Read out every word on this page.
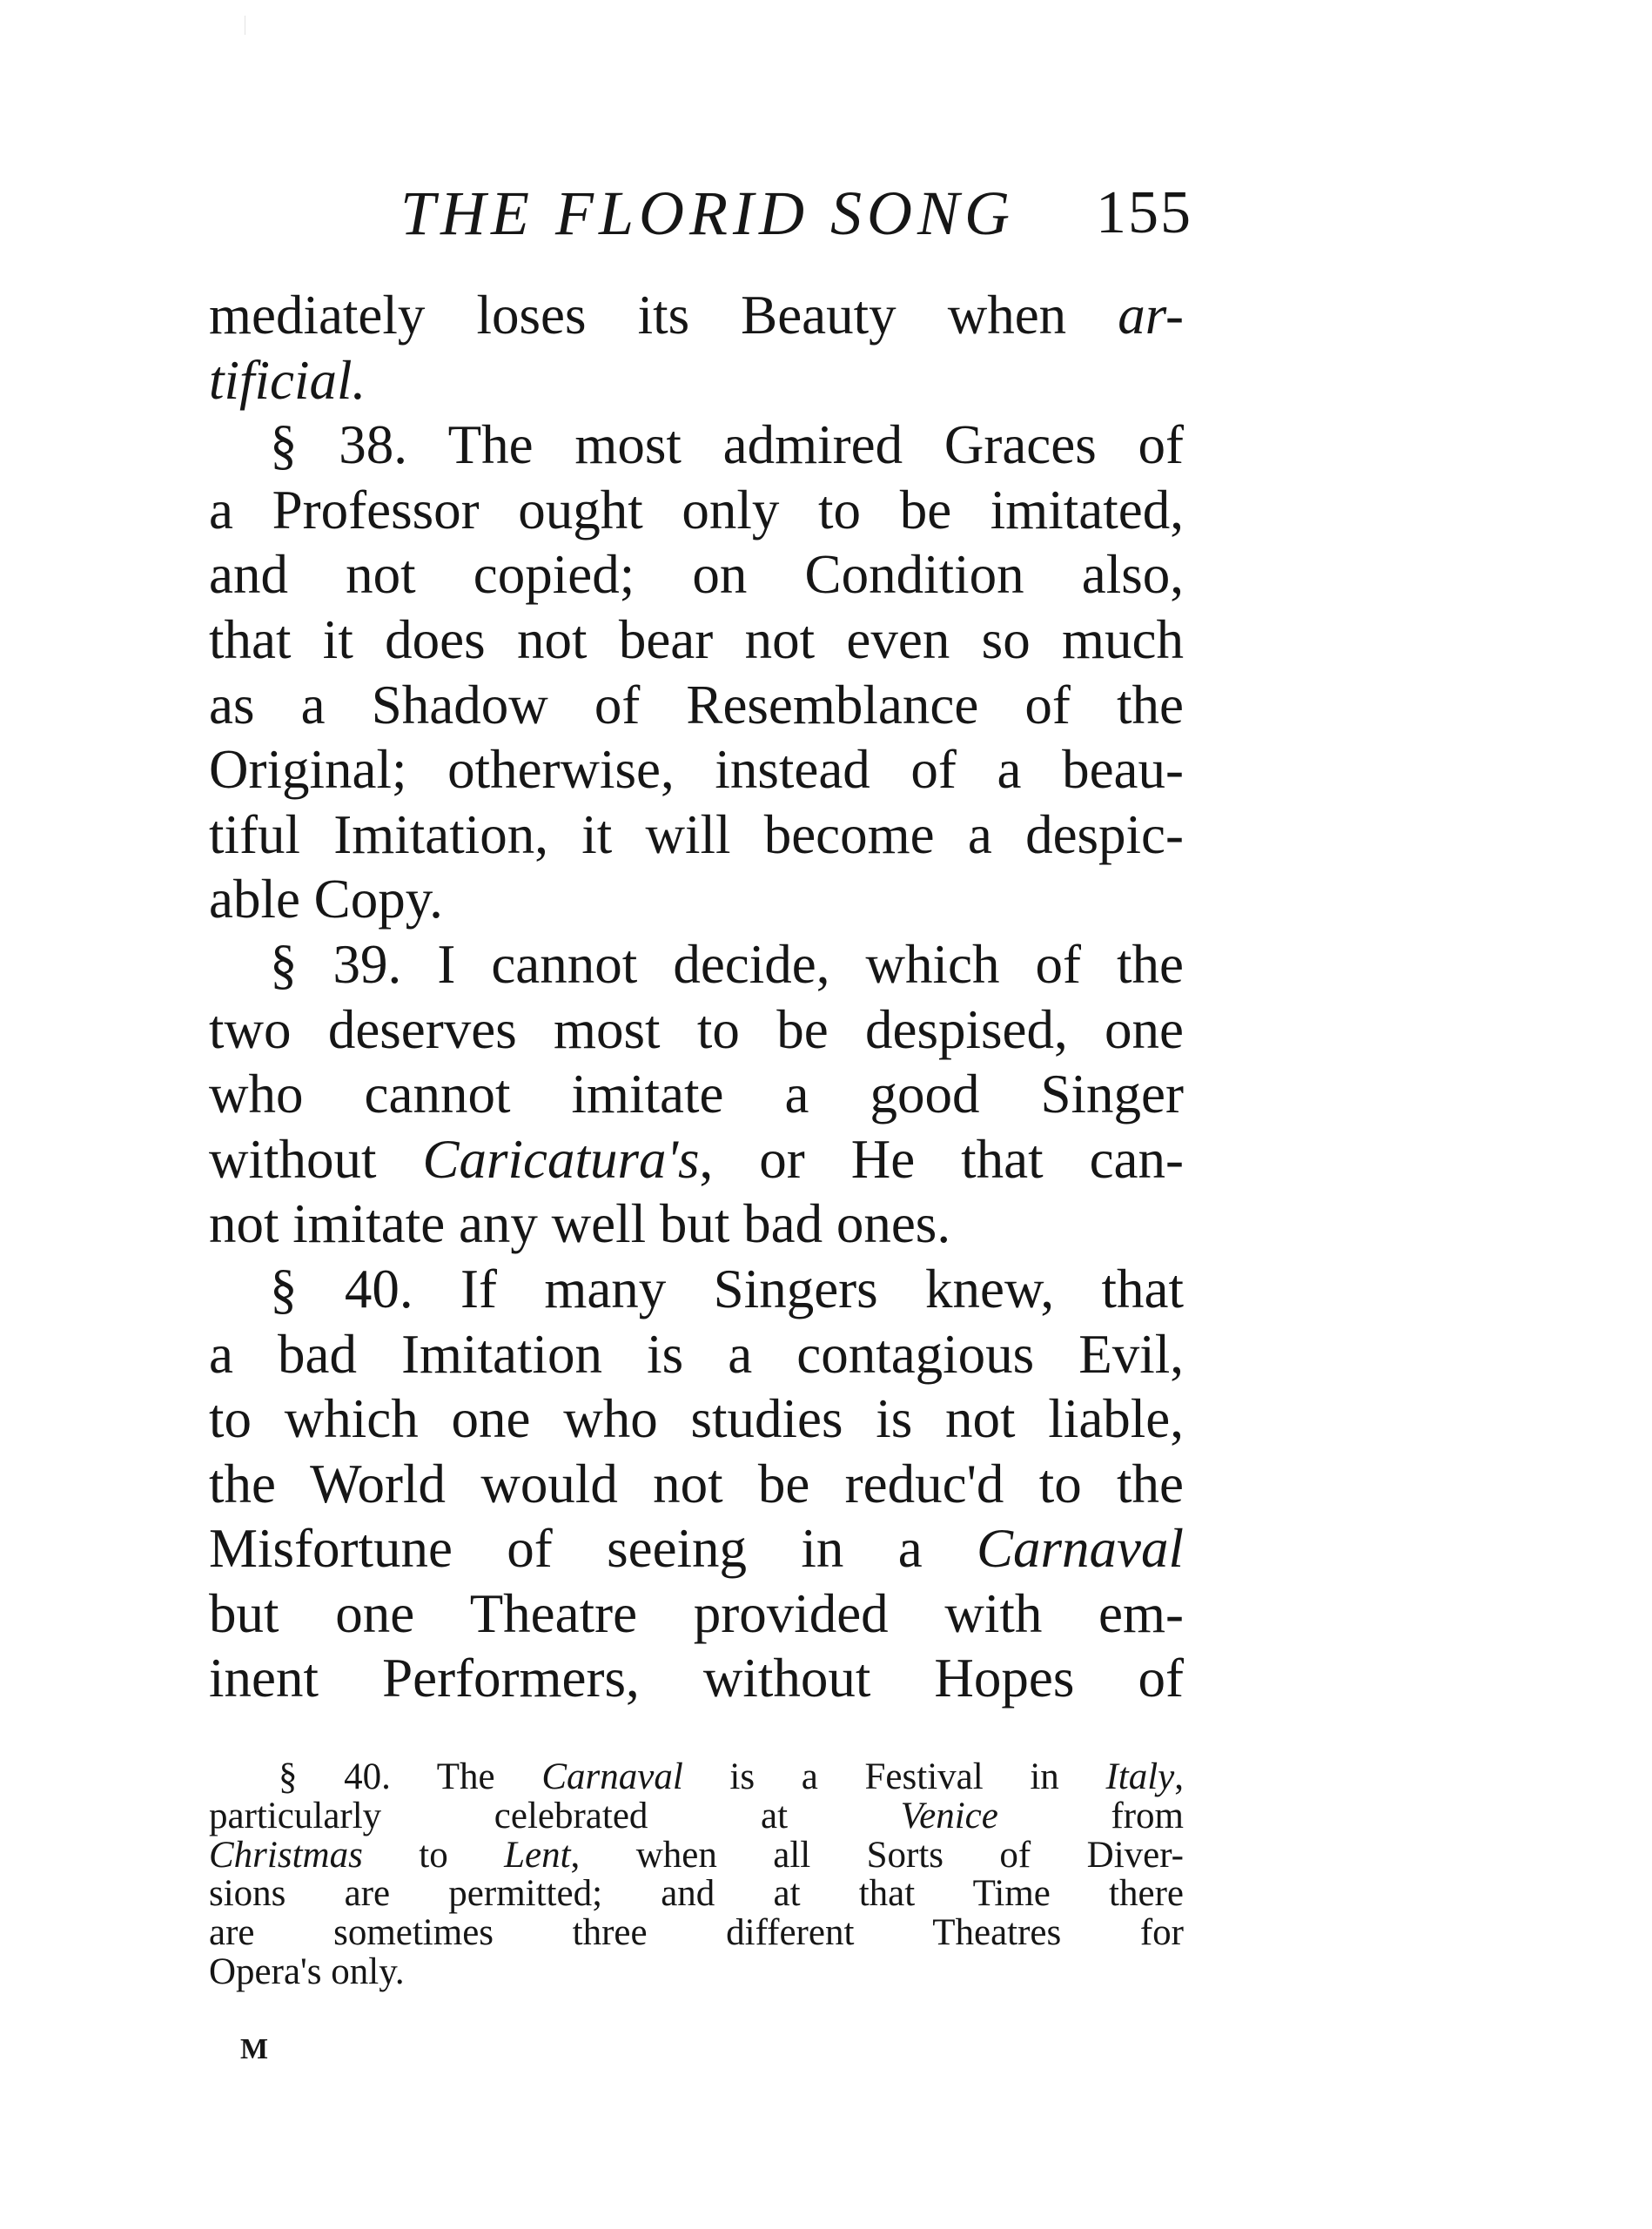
THE FLORID SONG 155
mediately loses its Beauty when ar-
tificial.
§ 38. The most admired Graces of
a Professor ought only to be imitated,
and not copied; on Condition also,
that it does not bear not even so much
as a Shadow of Resemblance of the
Original; otherwise, instead of a beau-
tiful Imitation, it will become a despic-
able Copy.
§ 39. I cannot decide, which of the
two deserves most to be despised, one
who cannot imitate a good Singer
without Caricatura's, or He that can-
not imitate any well but bad ones.
§ 40. If many Singers knew, that
a bad Imitation is a contagious Evil,
to which one who studies is not liable,
the World would not be reduc'd to the
Misfortune of seeing in a Carnaval
but one Theatre provided with em-
inent Performers, without Hopes of
§ 40. The Carnaval is a Festival in Italy,
particularly celebrated at Venice from
Christmas to Lent, when all Sorts of Diver-
sions are permitted; and at that Time there
are sometimes three different Theatres for
Opera's only.
M
